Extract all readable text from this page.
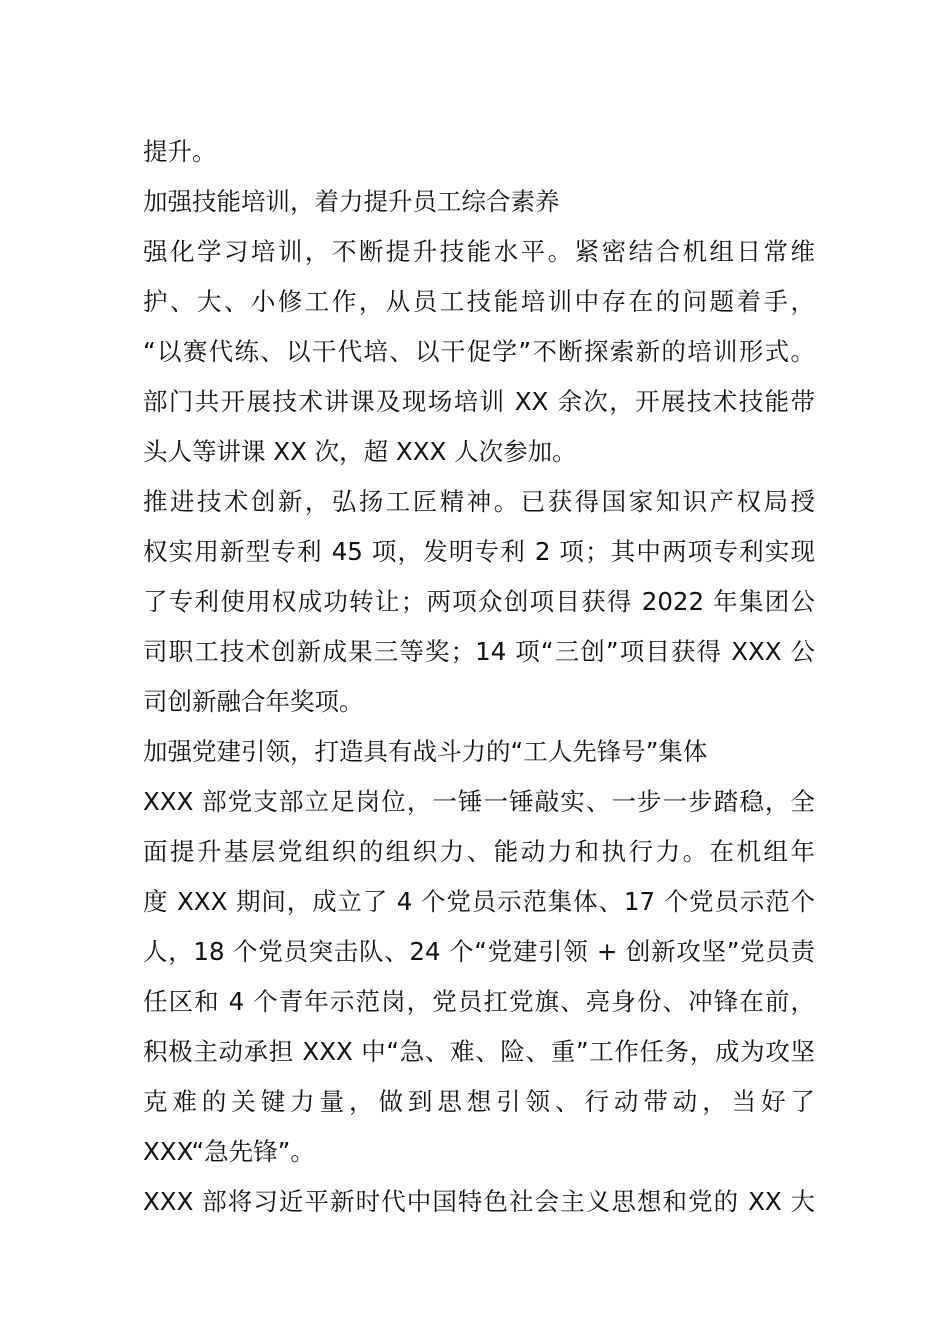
提升。
加强技能培训，着力提升员工综合素养
强化学习培训，不断提升技能水平。紧密结合机组日常维
护、大、小修工作，从员工技能培训中存在的问题着手，
“以赛代练、以干代培、以干促学”不断探索新的培训形式。
部门共开展技术讲课及现场培训 XX 余次，开展技术技能带
头人等讲课 XX 次，超 XXX 人次参加。
推进技术创新，弘扬工匠精神。已获得国家知识产权局授
权实用新型专利 45 项，发明专利 2 项；其中两项专利实现
了专利使用权成功转让；两项众创项目获得 2022 年集团公
司职工技术创新成果三等奖；14 项“三创”项目获得 XXX 公
司创新融合年奖项。
加强党建引领，打造具有战斗力的“工人先锋号”集体
XXX 部党支部立足岗位，一锤一锤敲实、一步一步踏稳，全
面提升基层党组织的组织力、能动力和执行力。在机组年
度 XXX 期间，成立了 4 个党员示范集体、17 个党员示范个
人，18 个党员突击队、24 个“党建引领 + 创新攻坚”党员责
任区和 4 个青年示范岗，党员扛党旗、亮身份、冲锋在前，
积极主动承担 XXX 中“急、难、险、重”工作任务，成为攻坚
克难的关键力量，做到思想引领、行动带动，当好了
XXX“急先锋”。
XXX 部将习近平新时代中国特色社会主义思想和党的 XX 大
